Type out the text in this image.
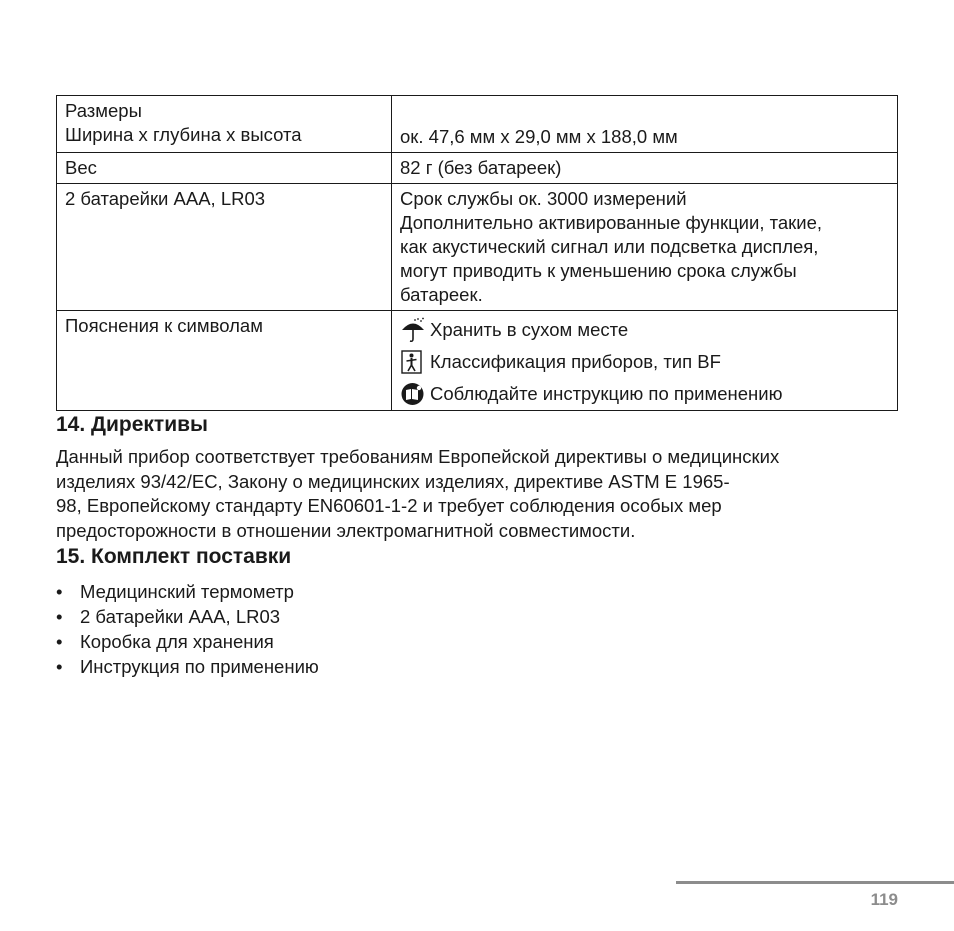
Размеры
Ширина x глубина x высота	ок. 47,6 мм x 29,0 мм x 188,0 мм
Вес	82 г (без батареек)
2 батарейки AAA, LR03	Срок службы ок. 3000 измерений
Дополнительно активированные функции, такие,
как акустический сигнал или подсветка дисплея,
могут приводить к уменьшению срока службы
батареек.

Пояснения к символам	Хранить в сухом месте
Классификация приборов, тип BF
Соблюдайте инструкцию по применению
14. Директивы

Данный прибор соответствует требованиям Европейской директивы о медицинских
изделиях 93/42/EC, Закону о медицинских изделиях, директиве ASTM E 1965-
98, Европейскому стандарту EN60601-1-2 и требует соблюдения особых мер
предосторожности в отношении электромагнитной совместимости.

15. Комплект поставки
• Медицинский термометр
• 2 батарейки AAA, LR03
• Коробка для хранения
• Инструкция по применению
119
